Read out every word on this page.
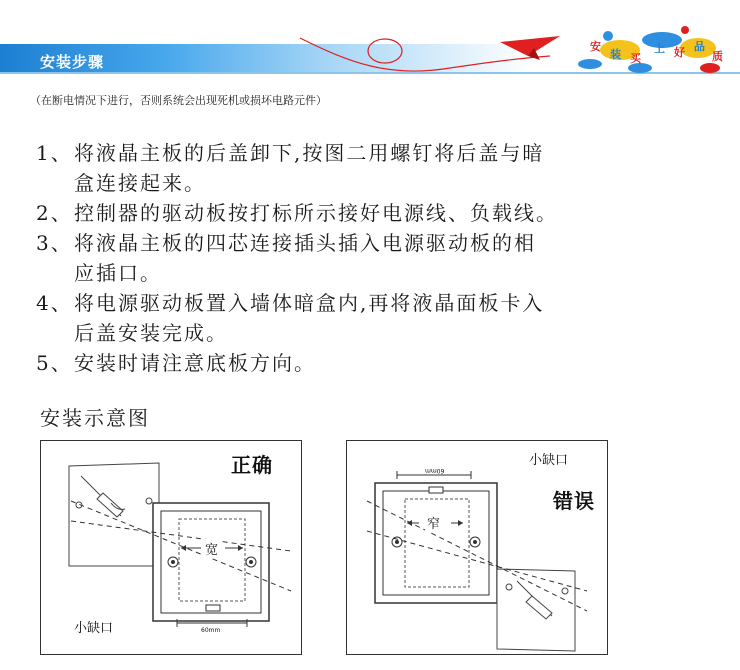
安装步骤
安
装 买
上 好 品
质
（在断电情况下进行，否则系统会出现死机或损坏电路元件）
1、 将液晶主板的后盖卸下,按图二用螺钉将后盖与暗
盒连接起来。
2、 控制器的驱动板按打标所示接好电源线、负载线。
3、 将液晶主板的四芯连接插头插入电源驱动板的相
应插口。
4、 将电源驱动板置入墙体暗盒内,再将液晶面板卡入
后盖安装完成。
5、 安装时请注意底板方向。
安装示意图
正确
宽
小缺口	60mm
小缺口
错误
窄
60mm
